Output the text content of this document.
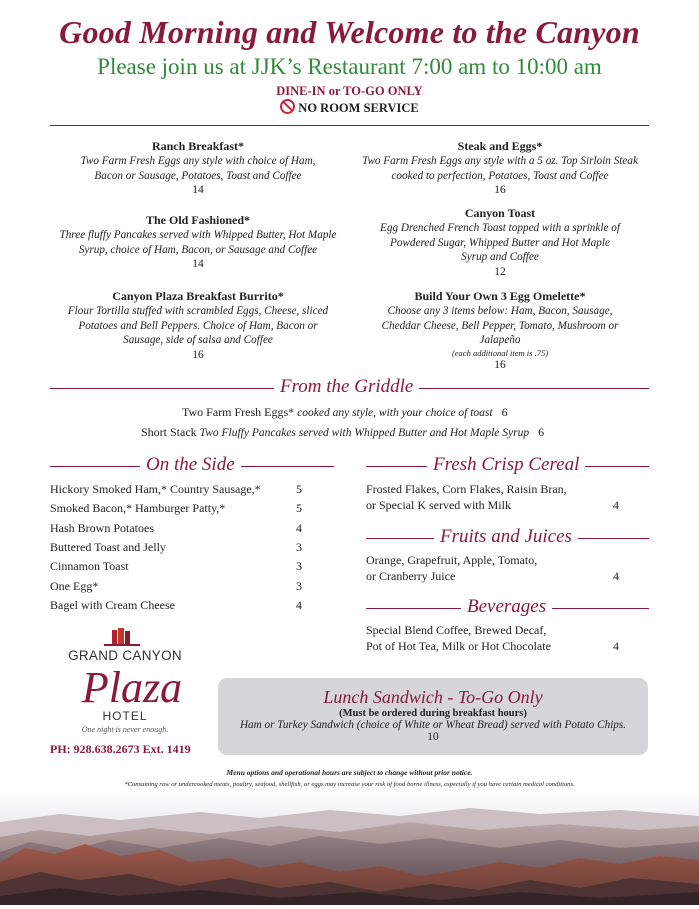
Good Morning and Welcome to the Canyon
Please join us at JJK’s Restaurant 7:00 am to 10:00 am
DINE-IN or TO-GO ONLY
NO ROOM SERVICE
Ranch Breakfast*
Two Farm Fresh Eggs any style with choice of Ham, Bacon or Sausage, Potatoes, Toast and Coffee
14
The Old Fashioned*
Three fluffy Pancakes served with Whipped Butter, Hot Maple Syrup, choice of Ham, Bacon, or Sausage and Coffee
14
Canyon Plaza Breakfast Burrito*
Flour Tortilla stuffed with scrambled Eggs, Cheese, sliced Potatoes and Bell Peppers. Choice of Ham, Bacon or Sausage, side of salsa and Coffee
16
Steak and Eggs*
Two Farm Fresh Eggs any style with a 5 oz. Top Sirloin Steak cooked to perfection, Potatoes, Toast and Coffee
16
Canyon Toast
Egg Drenched French Toast topped with a sprinkle of Powdered Sugar, Whipped Butter and Hot Maple Syrup and Coffee
12
Build Your Own 3 Egg Omelette*
Choose any 3 items below: Ham, Bacon, Sausage, Cheddar Cheese, Bell Pepper, Tomato, Mushroom or Jalapeño
(each additional item is .75)
16
From the Griddle
Two Farm Fresh Eggs* cooked any style, with your choice of toast 6
Short Stack Two Fluffy Pancakes served with Whipped Butter and Hot Maple Syrup 6
On the Side
Hickory Smoked Ham,* Country Sausage,*	5
Smoked Bacon,* Hamburger Patty,*	5
Hash Brown Potatoes	4
Buttered Toast and Jelly	3
Cinnamon Toast	3
One Egg*	3
Bagel with Cream Cheese	4
Fresh Crisp Cereal
Frosted Flakes, Corn Flakes, Raisin Bran,
or Special K served with Milk	4
Fruits and Juices
Orange, Grapefruit, Apple, Tomato,
or Cranberry Juice	4
Beverages
Special Blend Coffee, Brewed Decaf,
Pot of Hot Tea, Milk or Hot Chocolate	4
GRAND CANYON
Plaza
HOTEL
One night is never enough.
PH: 928.638.2673 Ext. 1419
Lunch Sandwich - To-Go Only
(Must be ordered during breakfast hours)
Ham or Turkey Sandwich (choice of White or Wheat Bread) served with Potato Chips.
10
Menu options and operational hours are subject to change without prior notice.
*Consuming raw or undercooked meats, poultry, seafood, shellfish, or eggs may increase your risk of food borne illness, especially if you have certain medical conditions.
